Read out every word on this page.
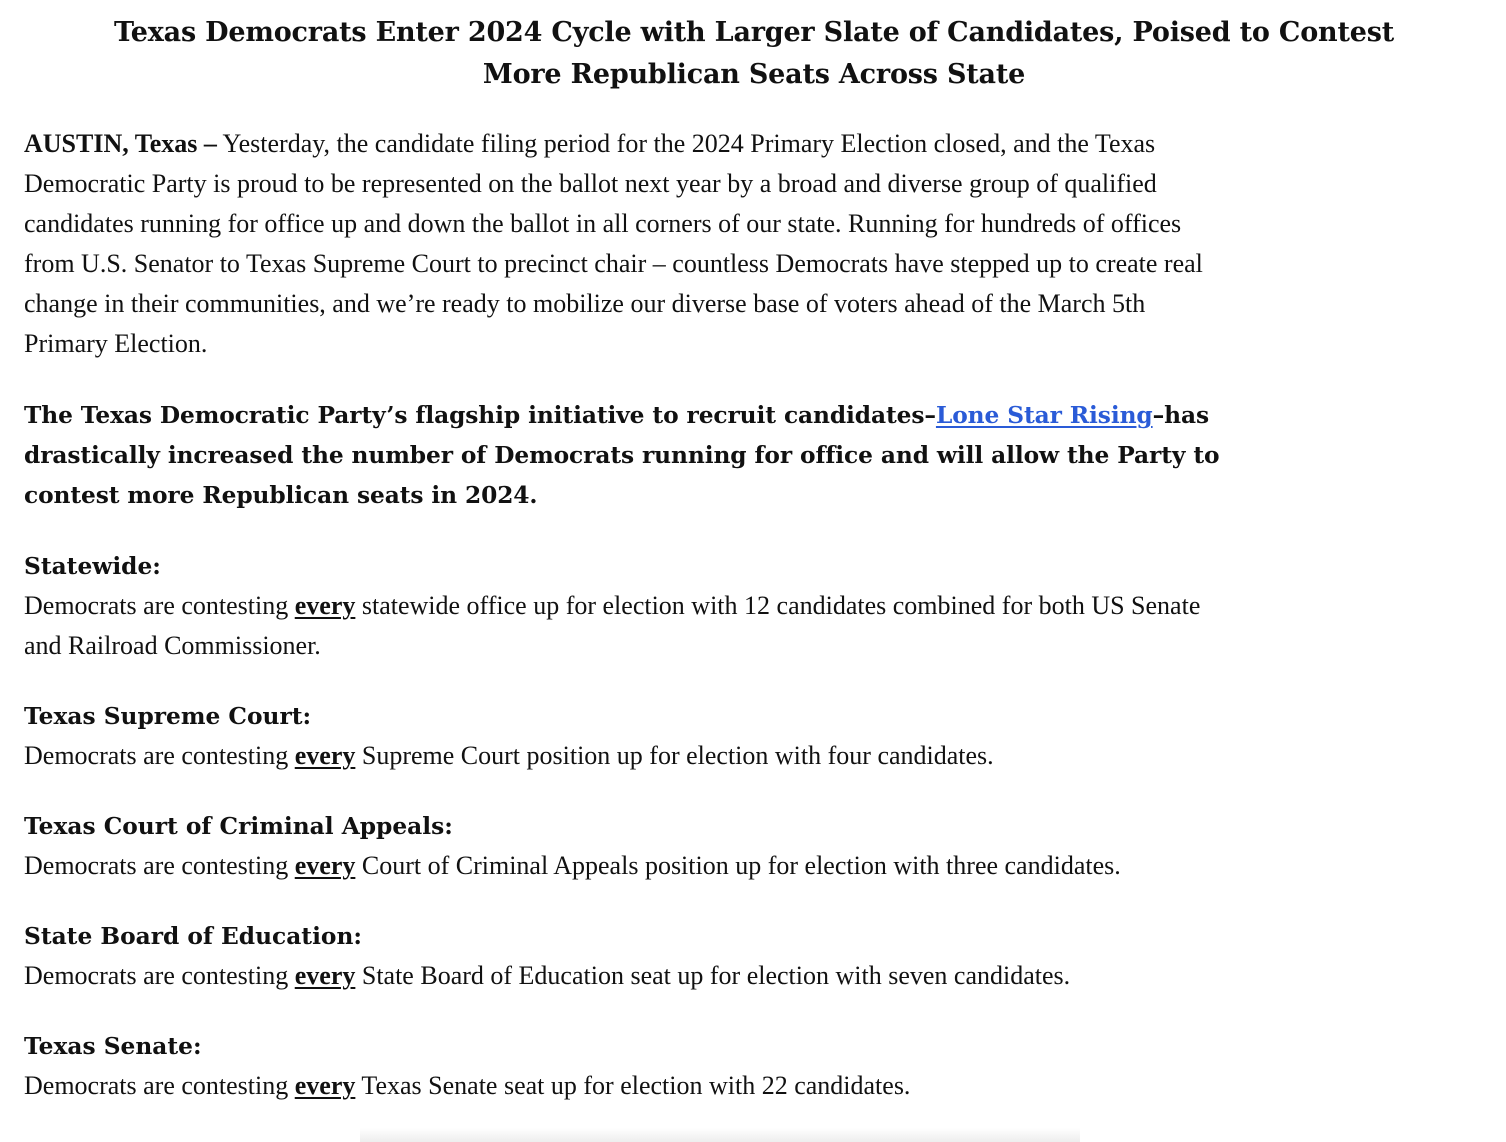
Texas Democrats Enter 2024 Cycle with Larger Slate of Candidates, Poised to Contest
More Republican Seats Across State
AUSTIN, Texas – Yesterday, the candidate filing period for the 2024 Primary Election closed, and the Texas
Democratic Party is proud to be represented on the ballot next year by a broad and diverse group of qualified
candidates running for office up and down the ballot in all corners of our state. Running for hundreds of offices
from U.S. Senator to Texas Supreme Court to precinct chair – countless Democrats have stepped up to create real
change in their communities, and we’re ready to mobilize our diverse base of voters ahead of the March 5th
Primary Election.
The Texas Democratic Party’s flagship initiative to recruit candidates–Lone Star Rising–has
drastically increased the number of Democrats running for office and will allow the Party to
contest more Republican seats in 2024.
Statewide:
Democrats are contesting every statewide office up for election with 12 candidates combined for both US Senate
and Railroad Commissioner.
Texas Supreme Court:
Democrats are contesting every Supreme Court position up for election with four candidates.
Texas Court of Criminal Appeals:
Democrats are contesting every Court of Criminal Appeals position up for election with three candidates.
State Board of Education:
Democrats are contesting every State Board of Education seat up for election with seven candidates.
Texas Senate:
Democrats are contesting every Texas Senate seat up for election with 22 candidates.
